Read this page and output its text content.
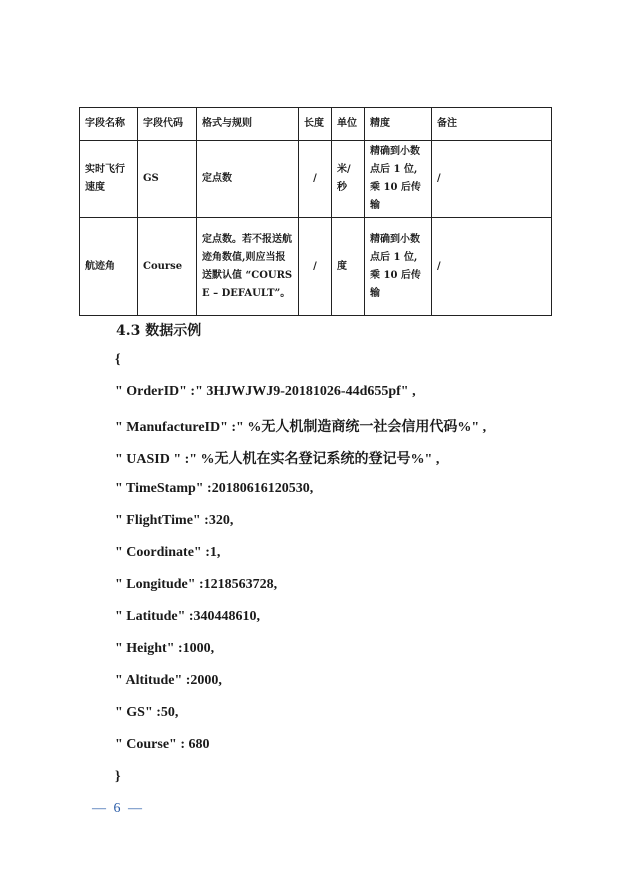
字段名称	字段代码	格式与规则	长度	单位	精度	备注
实时飞行速度	GS	定点数	/	米/秒	精确到小数点后 1 位,乘 10 后传输	/
航迹角	Course	定点数。若不报送航迹角数值,则应当报送默认值 “COURSE – DEFAULT”。	/	度	精确到小数点后 1 位,乘 10 后传输	/
4.3 数据示例
{
" OrderID" :" 3HJWJWJ9-20181026-44d655pf" ,
" ManufactureID" :" %无人机制造商统一社会信用代码%" ,
" UASID " :" %无人机在实名登记系统的登记号%" ,
" TimeStamp" :20180616120530,
" FlightTime" :320,
" Coordinate" :1,
" Longitude" :1218563728,
" Latitude" :340448610,
" Height" :1000,
" Altitude" :2000,
" GS" :50,
" Course" : 680
}
— 6 —
